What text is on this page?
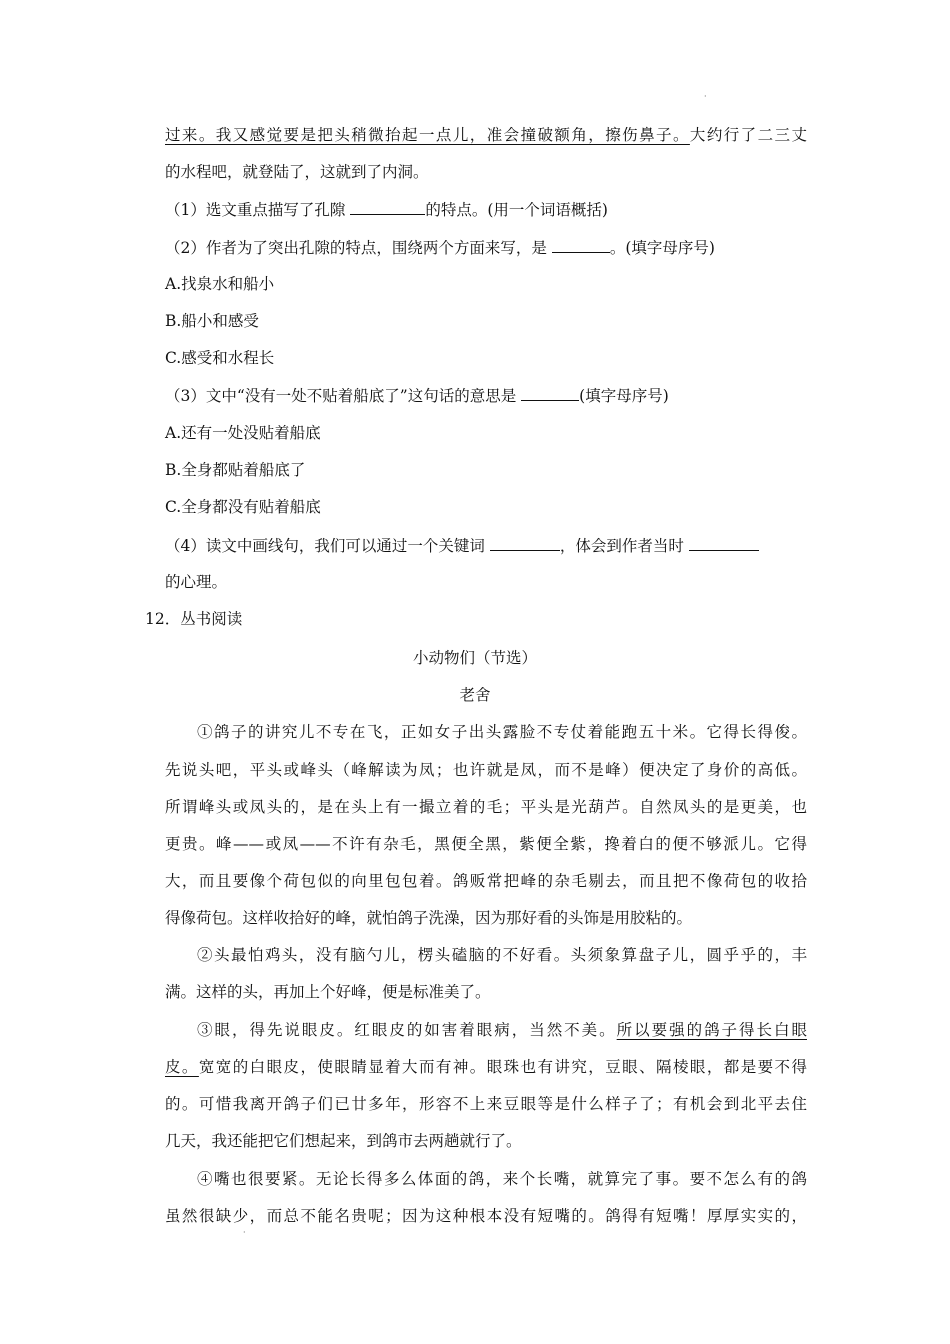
·
过来。我又感觉要是把头稍微抬起一点儿，准会撞破额角，擦伤鼻子。大约行了二三丈
的水程吧，就登陆了，这就到了内洞。
（1）选文重点描写了孔隙	的特点。(用一个词语概括)
（2）作者为了突出孔隙的特点，围绕两个方面来写，是	。(填字母序号)
A.找泉水和船小
B.船小和感受
C.感受和水程长
（3）文中“没有一处不贴着船底了”这句话的意思是	(填字母序号)
A.还有一处没贴着船底
B.全身都贴着船底了
C.全身都没有贴着船底
（4）读文中画线句，我们可以通过一个关键词	，体会到作者当时
的心理。
12．丛书阅读
小动物们（节选）
老舍
①鸽子的讲究儿不专在飞，正如女子出头露脸不专仗着能跑五十米。它得长得俊。
先说头吧，平头或峰头（峰解读为凤；也许就是凤，而不是峰）便决定了身价的高低。
所谓峰头或凤头的，是在头上有一撮立着的毛；平头是光葫芦。自然凤头的是更美，也
更贵。峰——或凤——不许有杂毛，黑便全黑，紫便全紫，搀着白的便不够派儿。它得
大，而且要像个荷包似的向里包包着。鸽贩常把峰的杂毛剔去，而且把不像荷包的收拾
得像荷包。这样收拾好的峰，就怕鸽子洗澡，因为那好看的头饰是用胶粘的。
②头最怕鸡头，没有脑勺儿，楞头磕脑的不好看。头须象算盘子儿，圆乎乎的，丰
满。这样的头，再加上个好峰，便是标准美了。
③眼，得先说眼皮。红眼皮的如害着眼病，当然不美。所以要强的鸽子得长白眼
皮。宽宽的白眼皮，使眼睛显着大而有神。眼珠也有讲究，豆眼、隔棱眼，都是要不得
的。可惜我离开鸽子们已廿多年，形容不上来豆眼等是什么样子了；有机会到北平去住
几天，我还能把它们想起来，到鸽市去两趟就行了。
④嘴也很要紧。无论长得多么体面的鸽，来个长嘴，就算完了事。要不怎么有的鸽
虽然很缺少，而总不能名贵呢；因为这种根本没有短嘴的。鸽得有短嘴！厚厚实实的，
·
